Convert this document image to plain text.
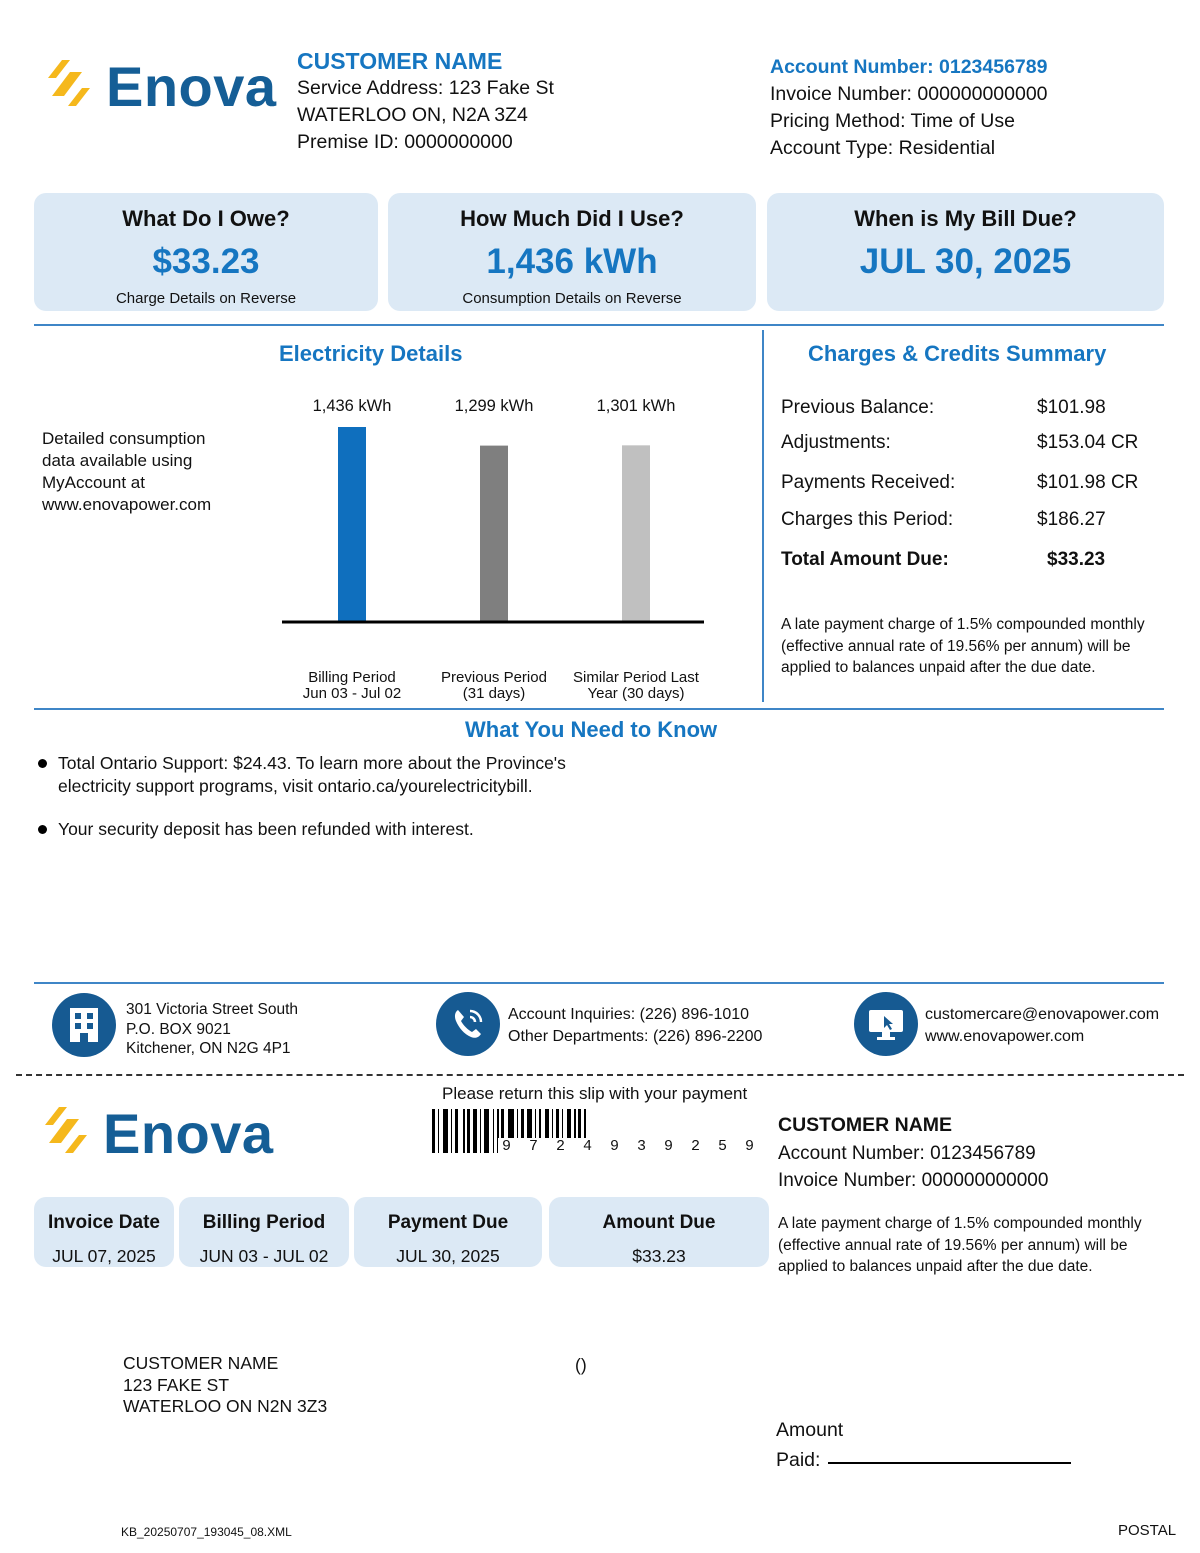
Enova CUSTOMER NAME
Service Address: 123 Fake St
WATERLOO ON, N2A 3Z4
Premise ID: 0000000000
Account Number: 0123456789
Invoice Number: 000000000000
Pricing Method: Time of Use
Account Type: Residential
What Do I Owe?
$33.23
Charge Details on Reverse
How Much Did I Use?
1,436 kWh
Consumption Details on Reverse
When is My Bill Due?
JUL 30, 2025
Electricity Details
Detailed consumption
data available using
MyAccount at
www.enovapower.com
1,436 kWh
Billing Period
Jun 03 - Jul 02
1,299 kWh
Previous Period
(31 days)
1,301 kWh
Similar Period Last
Year (30 days)
Charges & Credits Summary
Previous Balance:	$101.98
Adjustments:	$153.04 CR
Payments Received:	$101.98 CR
Charges this Period:	$186.27
Total Amount Due:	$33.23
A late payment charge of 1.5% compounded monthly
(effective annual rate of 19.56% per annum) will be
applied to balances unpaid after the due date.
What You Need to Know
Total Ontario Support: $24.43. To learn more about the Province's
electricity support programs, visit ontario.ca/yourelectricitybill.
Your security deposit has been refunded with interest.
301 Victoria Street South
P.O. BOX 9021
Kitchener, ON N2G 4P1
Account Inquiries: (226) 896-1010
Other Departments: (226) 896-2200
customercare@enovapower.com
www.enovapower.com
Enova
Please return this slip with your payment
9 7 2 4 9 3 9 2 5 9
CUSTOMER NAME
Account Number: 0123456789
Invoice Number: 000000000000
Invoice Date
JUL 07, 2025
Billing Period
JUN 03 - JUL 02
Payment Due
JUL 30, 2025
Amount Due
$33.23
A late payment charge of 1.5% compounded monthly
(effective annual rate of 19.56% per annum) will be
applied to balances unpaid after the due date.
CUSTOMER NAME
123 FAKE ST
WATERLOO ON N2N 3Z3
()
Amount
Paid:
KB_20250707_193045_08.XML	POSTAL
